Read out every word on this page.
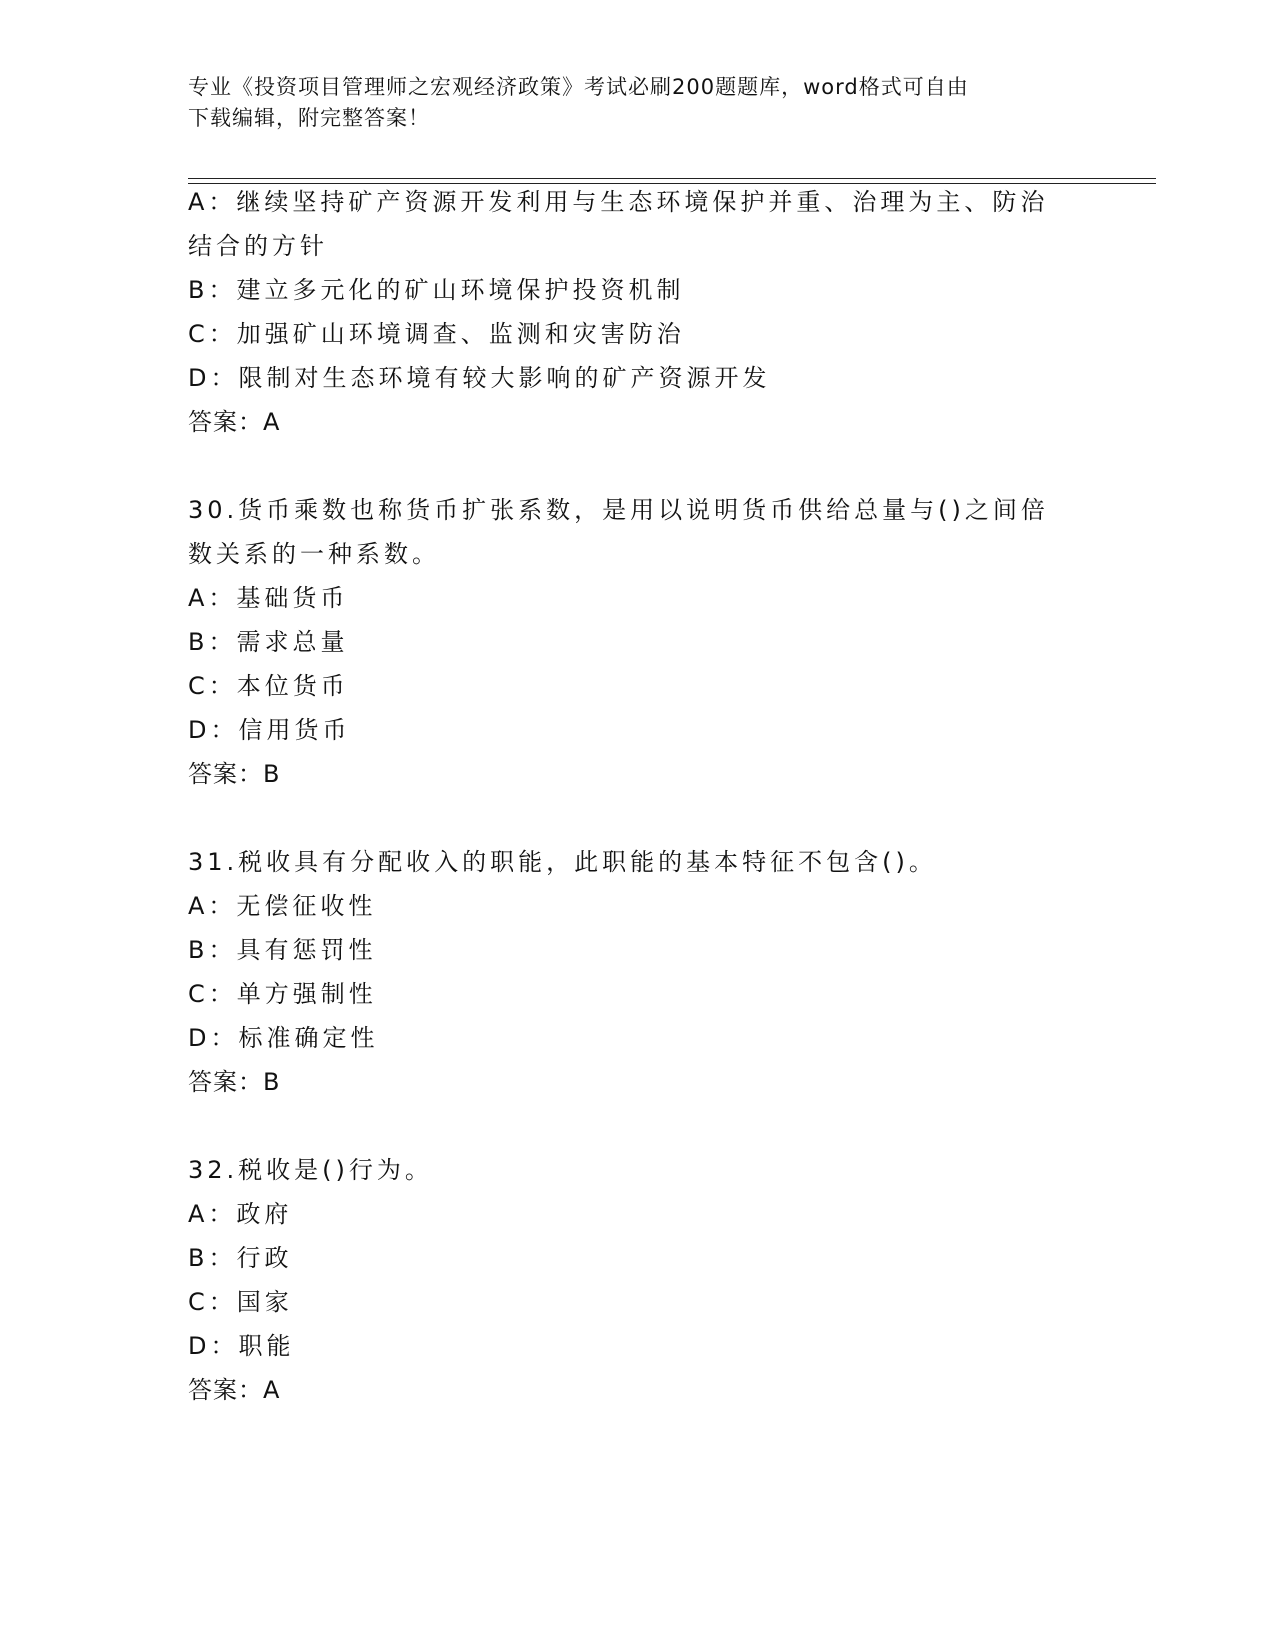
专业《投资项目管理师之宏观经济政策》考试必刷200题题库，word格式可自由
下载编辑，附完整答案！
A：继续坚持矿产资源开发利用与生态环境保护并重、治理为主、防治
结合的方针
B：建立多元化的矿山环境保护投资机制
C：加强矿山环境调查、监测和灾害防治
D：限制对生态环境有较大影响的矿产资源开发
答案：A
30.货币乘数也称货币扩张系数，是用以说明货币供给总量与()之间倍
数关系的一种系数。
A：基础货币
B：需求总量
C：本位货币
D：信用货币
答案：B
31.税收具有分配收入的职能，此职能的基本特征不包含()。
A：无偿征收性
B：具有惩罚性
C：单方强制性
D：标准确定性
答案：B
32.税收是()行为。
A：政府
B：行政
C：国家
D：职能
答案：A
